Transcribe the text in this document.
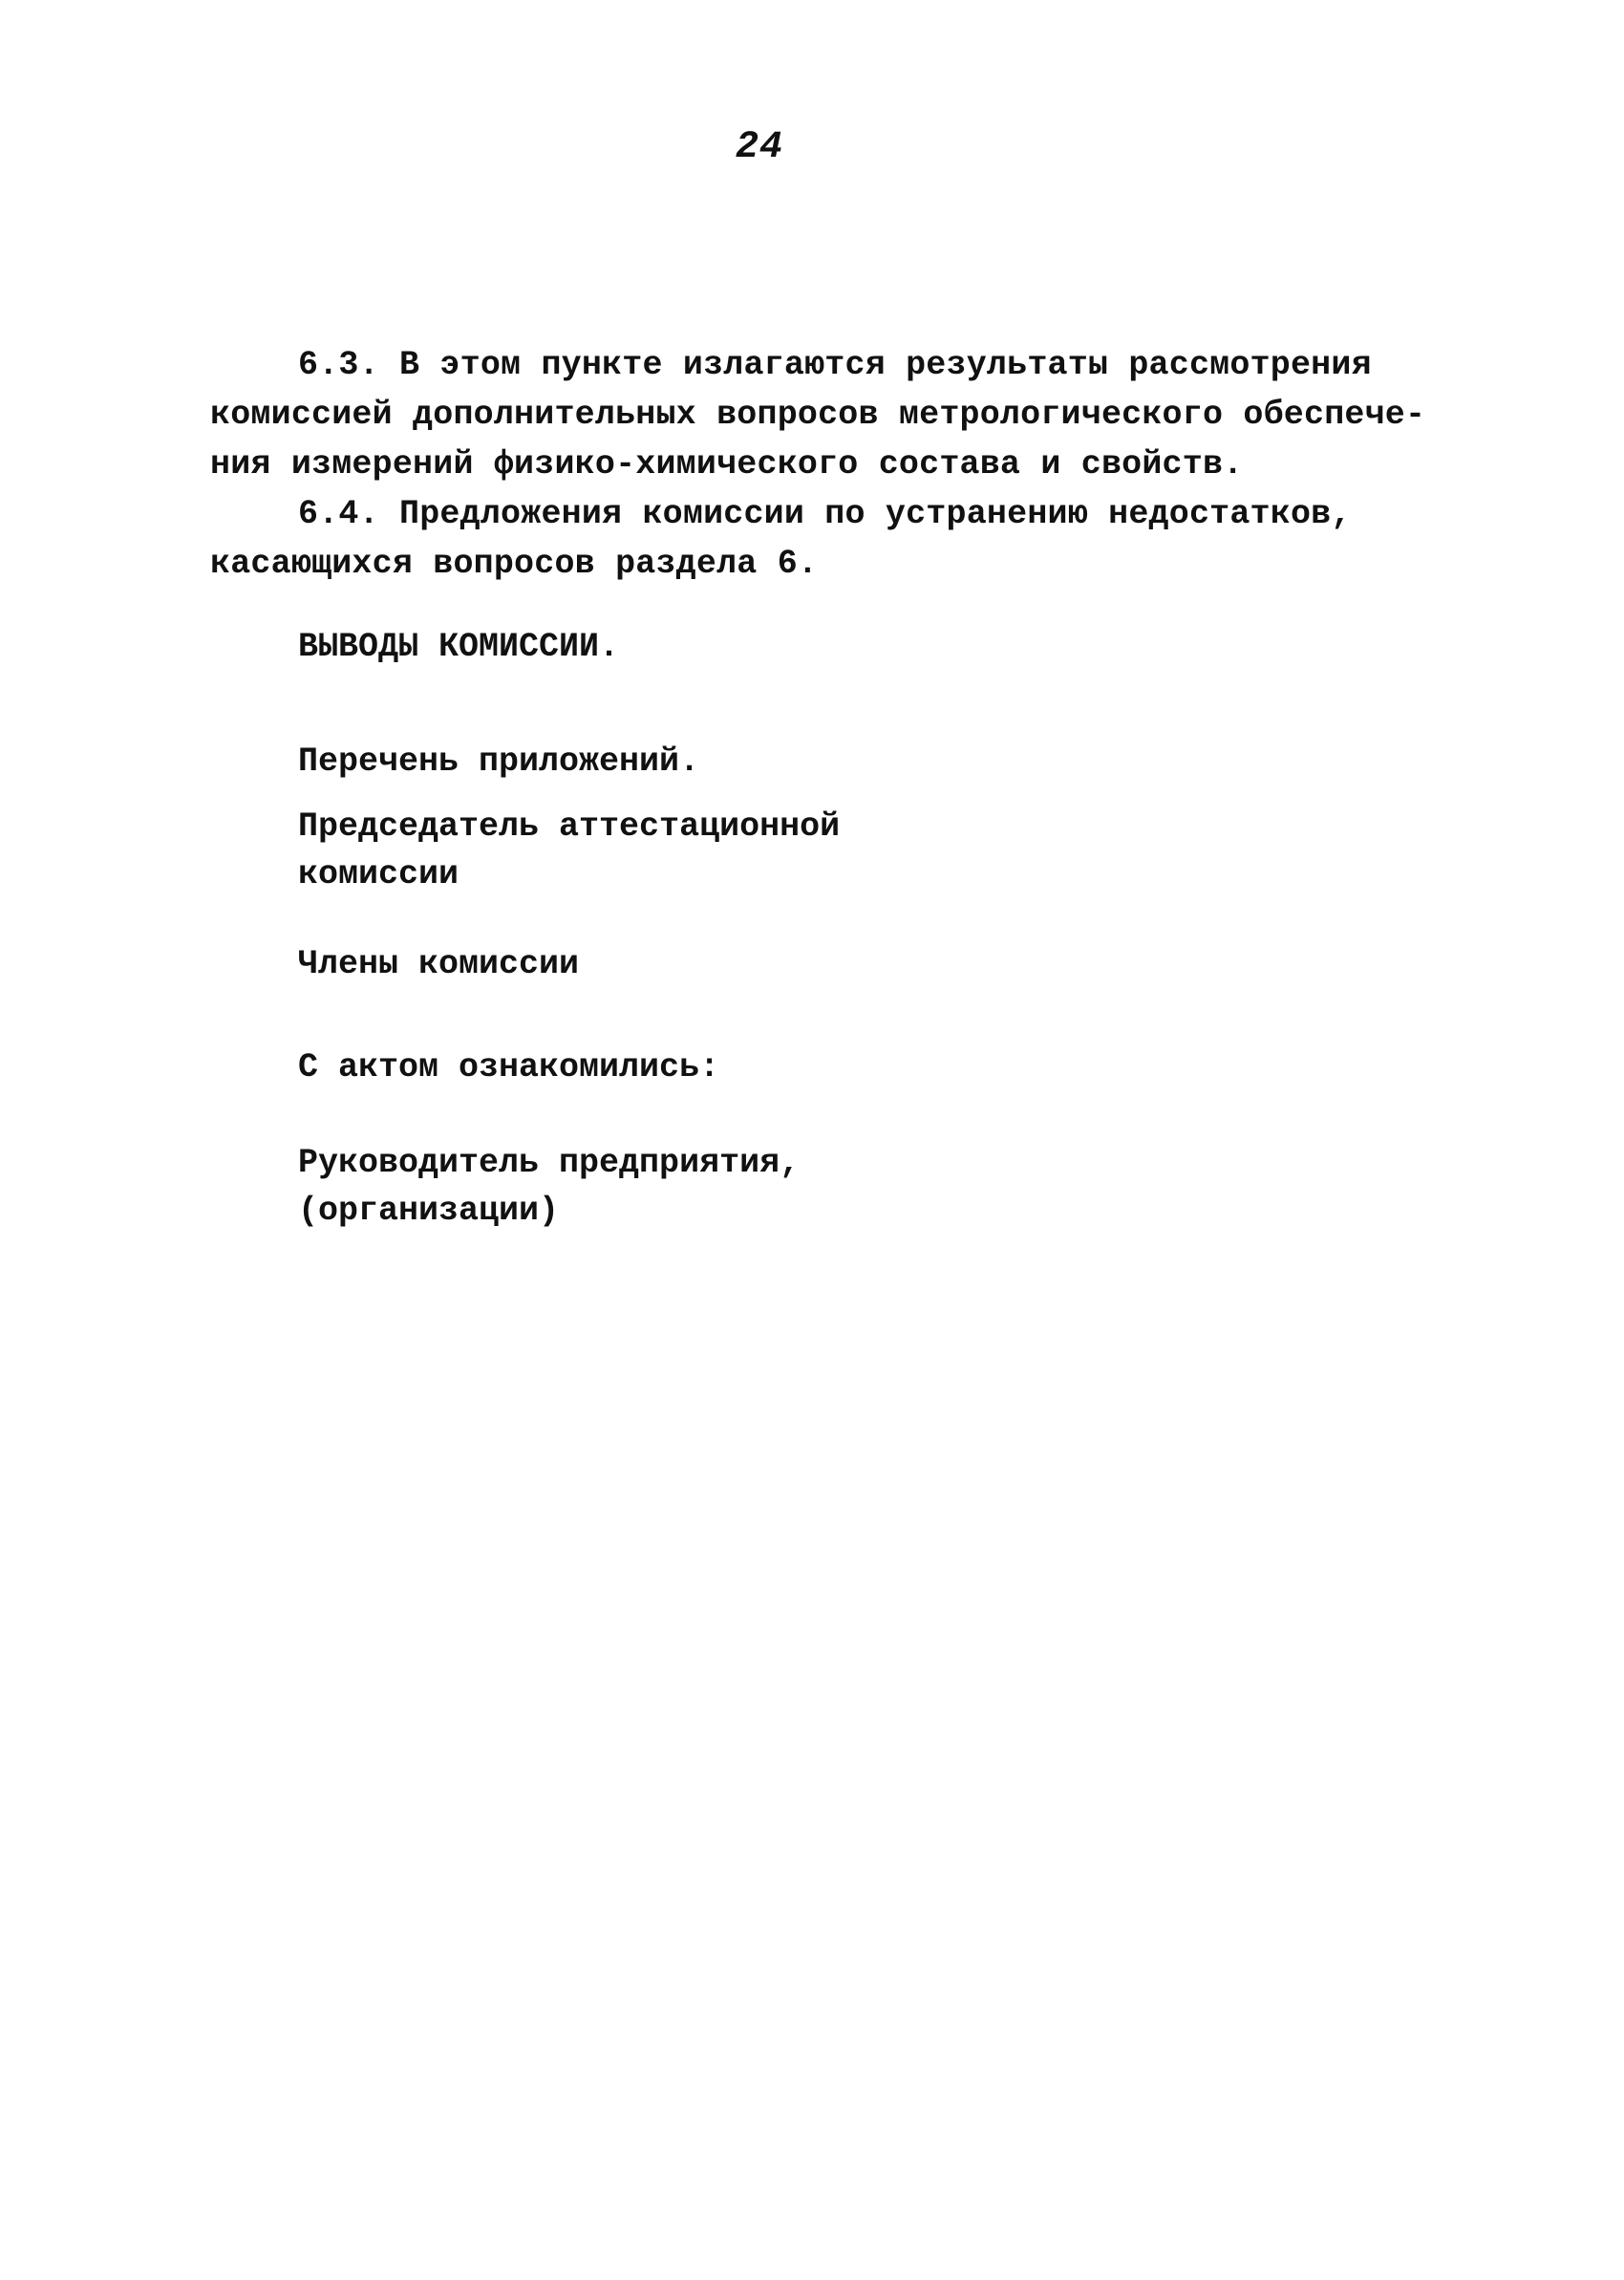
24
6.3. В этом пункте излагаются результаты рассмотрения
комиссией дополнительных вопросов метрологического обеспече-
ния измерений физико-химического состава и свойств.
6.4. Предложения комиссии по устранению недостатков,
касающихся вопросов раздела 6.
ВЫВОДЫ КОМИССИИ.
Перечень приложений.
Председатель аттестационной
комиссии
Члены комиссии
С актом ознакомились:
Руководитель предприятия,
(организации)
